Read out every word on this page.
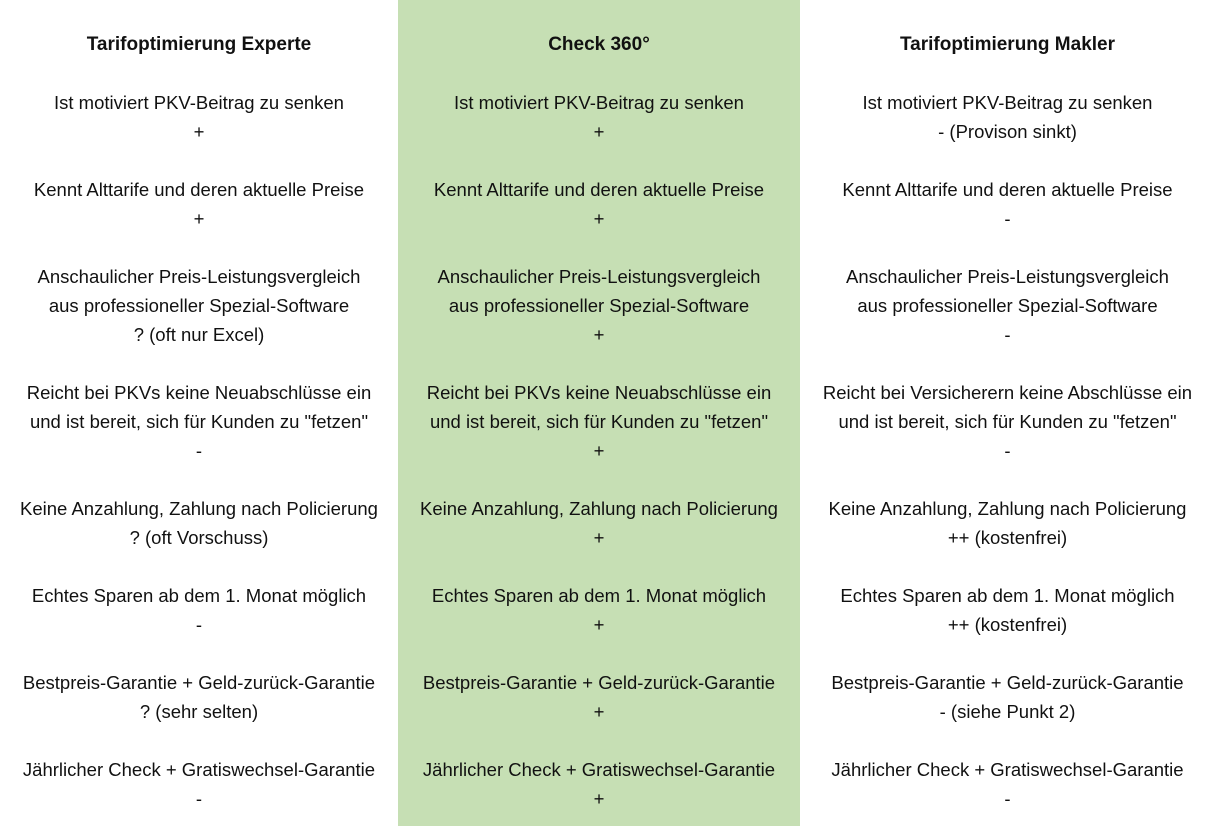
Tarifoptimierung Experte
Ist motiviert PKV-Beitrag zu senken
+
Kennt Alttarife und deren aktuelle Preise
+
Anschaulicher Preis-Leistungsvergleich
aus professioneller Spezial-Software
? (oft nur Excel)
Reicht bei PKVs keine Neuabschlüsse ein
und ist bereit, sich für Kunden zu "fetzen"
-
Keine Anzahlung, Zahlung nach Policierung
? (oft Vorschuss)
Echtes Sparen ab dem 1. Monat möglich
-
Bestpreis-Garantie + Geld-zurück-Garantie
? (sehr selten)
Jährlicher Check + Gratiswechsel-Garantie
-
Check 360°
Ist motiviert PKV-Beitrag zu senken
+
Kennt Alttarife und deren aktuelle Preise
+
Anschaulicher Preis-Leistungsvergleich
aus professioneller Spezial-Software
+
Reicht bei PKVs keine Neuabschlüsse ein
und ist bereit, sich für Kunden zu "fetzen"
+
Keine Anzahlung, Zahlung nach Policierung
+
Echtes Sparen ab dem 1. Monat möglich
+
Bestpreis-Garantie + Geld-zurück-Garantie
+
Jährlicher Check + Gratiswechsel-Garantie
+
Tarifoptimierung Makler
Ist motiviert PKV-Beitrag zu senken
- (Provison sinkt)
Kennt Alttarife und deren aktuelle Preise
-
Anschaulicher Preis-Leistungsvergleich
aus professioneller Spezial-Software
-
Reicht bei Versicherern keine Abschlüsse ein
und ist bereit, sich für Kunden zu "fetzen"
-
Keine Anzahlung, Zahlung nach Policierung
++ (kostenfrei)
Echtes Sparen ab dem 1. Monat möglich
++ (kostenfrei)
Bestpreis-Garantie + Geld-zurück-Garantie
- (siehe Punkt 2)
Jährlicher Check + Gratiswechsel-Garantie
-
